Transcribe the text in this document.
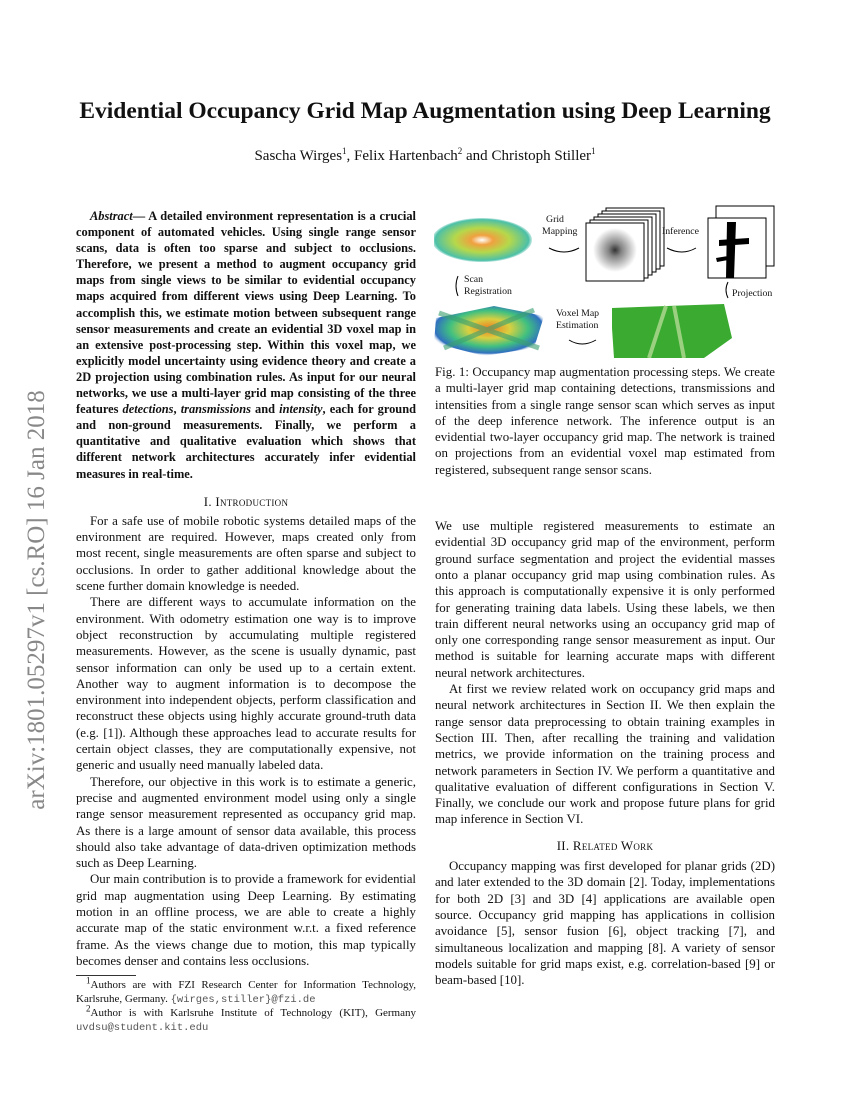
arXiv:1801.05297v1 [cs.RO] 16 Jan 2018
Evidential Occupancy Grid Map Augmentation using Deep Learning
Sascha Wirges$^1$, Felix Hartenbach$^2$ and Christoph Stiller$^1$

Abstract— A detailed environment representation is a crucial component of automated vehicles. Using single range sensor scans, data is often too sparse and subject to occlusions. Therefore, we present a method to augment occupancy grid maps from single views to be similar to evidential occupancy maps acquired from different views using Deep Learning. To accomplish this, we estimate motion between subsequent range sensor measurements and create an evidential 3D voxel map in an extensive post-processing step. Within this voxel map, we explicitly model uncertainty using evidence theory and create a 2D projection using combination rules. As input for our neural networks, we use a multi-layer grid map consisting of the three features detections, transmissions and intensity, each for ground and non-ground measurements. Finally, we perform a quantitative and qualitative evaluation which shows that different network architectures accurately infer evidential measures in real-time.

I. Introduction

For a safe use of mobile robotic systems detailed maps of the environment are required. However, maps created only from most recent, single measurements are often sparse and subject to occlusions. In order to gather additional knowledge about the scene further domain knowledge is needed.

There are different ways to accumulate information on the environment. With odometry estimation one way is to improve object reconstruction by accumulating multiple registered measurements. However, as the scene is usually dynamic, past sensor information can only be used up to a certain extent. Another way to augment information is to decompose the environment into independent objects, perform classification and reconstruct these objects using highly accurate ground-truth data (e.g. [1]). Although these approaches lead to accurate results for certain object classes, they are computationally expensive, not generic and usually need manually labeled data.

Therefore, our objective in this work is to estimate a generic, precise and augmented environment model using only a single range sensor measurement represented as occupancy grid map. As there is a large amount of sensor data available, this process should also take advantage of data-driven optimization methods such as Deep Learning.

Our main contribution is to provide a framework for evidential grid map augmentation using Deep Learning. By estimating motion in an offline process, we are able to create a highly accurate map of the static environment w.r.t. a fixed reference frame. As the views change due to motion, this map typically becomes denser and contains less occlusions.

$^1$Authors are with FZI Research Center for Information Technology, Karlsruhe, Germany. {wirges,stiller}@fzi.de

$^2$Author is with Karlsruhe Institute of Technology (KIT), Germany uvdsu@student.kit.edu

Grid
Mapping	Inference
Scan
Registration	Projection
Voxel Map
Estimation

Fig. 1: Occupancy map augmentation processing steps. We create a multi-layer grid map containing detections, transmissions and intensities from a single range sensor scan which serves as input of the deep inference network. The inference output is an evidential two-layer occupancy grid map. The network is trained on projections from an evidential voxel map estimated from registered, subsequent range sensor scans.

We use multiple registered measurements to estimate an evidential 3D occupancy grid map of the environment, perform ground surface segmentation and project the evidential masses onto a planar occupancy grid map using combination rules. As this approach is computationally expensive it is only performed for generating training data labels. Using these labels, we then train different neural networks using an occupancy grid map of only one corresponding range sensor measurement as input. Our method is suitable for learning accurate maps with different neural network architectures.

At first we review related work on occupancy grid maps and neural network architectures in Section II. We then explain the range sensor data preprocessing to obtain training examples in Section III. Then, after recalling the training and validation metrics, we provide information on the training process and network parameters in Section IV. We perform a quantitative and qualitative evaluation of different configurations in Section V. Finally, we conclude our work and propose future plans for grid map inference in Section VI.

II. Related Work

Occupancy mapping was first developed for planar grids (2D) and later extended to the 3D domain [2]. Today, implementations for both 2D [3] and 3D [4] applications are available open source. Occupancy grid mapping has applications in collision avoidance [5], sensor fusion [6], object tracking [7], and simultaneous localization and mapping [8]. A variety of sensor models suitable for grid maps exist, e.g. correlation-based [9] or beam-based [10].
